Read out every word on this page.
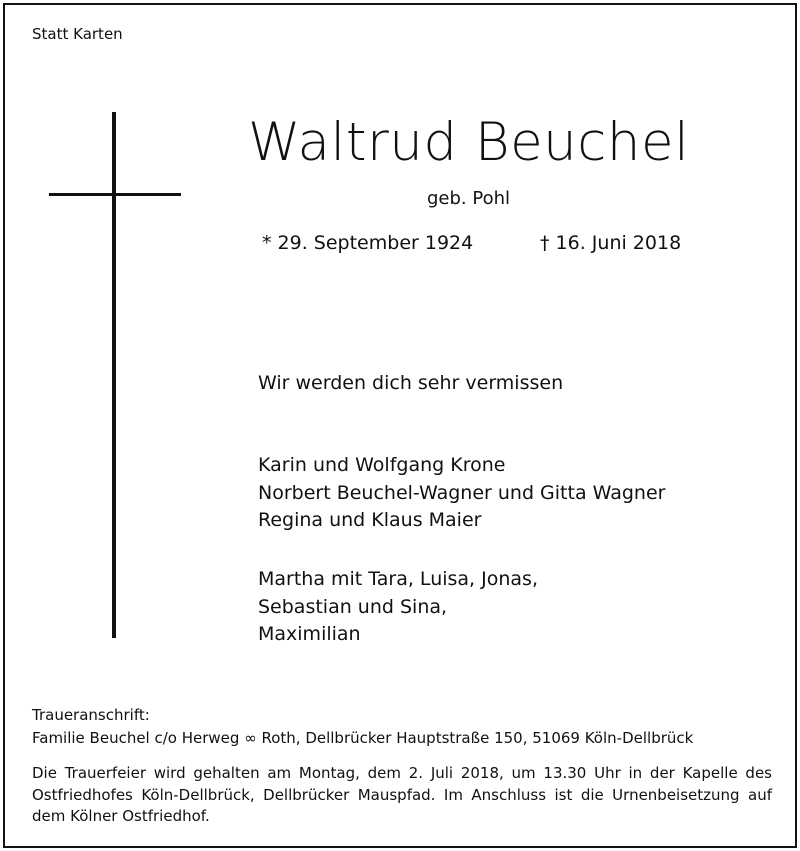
Statt Karten
Waltrud Beuchel
geb. Pohl
* 29. September 1924	† 16. Juni 2018
Wir werden dich sehr vermissen
Karin und Wolfgang Krone
Norbert Beuchel-Wagner und Gitta Wagner
Regina und Klaus Maier
Martha mit Tara, Luisa, Jonas,
Sebastian und Sina,
Maximilian
Traueranschrift:
Familie Beuchel c/o Herweg ∞ Roth, Dellbrücker Hauptstraße 150, 51069 Köln-Dellbrück
Die Trauerfeier wird gehalten am Montag, dem 2. Juli 2018, um 13.30 Uhr in der Kapelle des Ostfriedhofes Köln-Dellbrück, Dellbrücker Mauspfad. Im Anschluss ist die Urnenbeisetzung auf dem Kölner Ostfriedhof.
